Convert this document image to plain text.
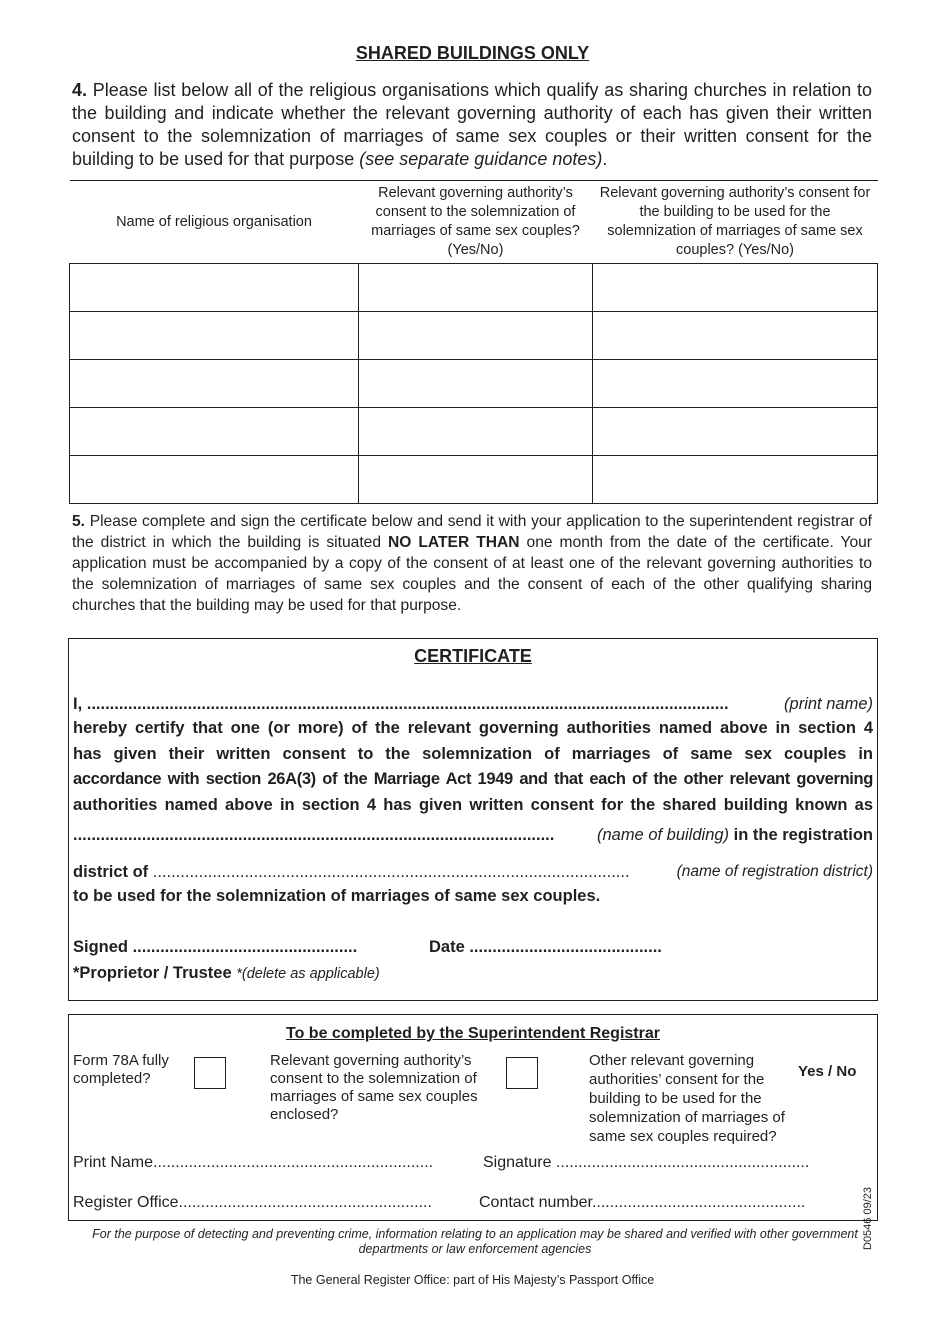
SHARED BUILDINGS ONLY
4. Please list below all of the religious organisations which qualify as sharing churches in relation to the building and indicate whether the relevant governing authority of each has given their written consent to the solemnization of marriages of same sex couples or their written consent for the building to be used for that purpose (see separate guidance notes).
Name of religious organisation	Relevant governing authority’s consent to the solemnization of marriages of same sex couples? (Yes/No)	Relevant governing authority’s consent for the building to be used for the solemnization of marriages of same sex couples? (Yes/No)

5. Please complete and sign the certificate below and send it with your application to the superintendent registrar of the district in which the building is situated NO LATER THAN one month from the date of the certificate. Your application must be accompanied by a copy of the consent of at least one of the relevant governing authorities to the solemnization of marriages of same sex couples and the consent of each of the other qualifying sharing churches that the building may be used for that purpose.
CERTIFICATE
I, ............................................................................................................................................	(print name)
hereby certify that one (or more) of the relevant governing authorities named above in section 4
has given their written consent to the solemnization of marriages of same sex couples in
accordance with section 26A(3) of the Marriage Act 1949 and that each of the other relevant governing
authorities named above in section 4 has given written consent for the shared building known as
.........................................................................................................	(name of building) in the registration
district of ........................................................................................................	(name of registration district)
to be used for the solemnization of marriages of same sex couples.
Signed .................................................	Date ..........................................
*Proprietor / Trustee *(delete as applicable)
To be completed by the Superintendent Registrar
Form 78A fully completed?
Relevant governing authority’s consent to the solemnization of marriages of same sex couples enclosed?
Other relevant governing authorities’ consent for the building to be used for the solemnization of marriages of same sex couples required?
Yes / No
Print Name...............................................................	Signature .........................................................
Register Office.........................................................	Contact number................................................
For the purpose of detecting and preventing crime, information relating to an application may be shared and verified with other government departments or law enforcement agencies
The General Register Office: part of His Majesty’s Passport Office
D0546 09/23
